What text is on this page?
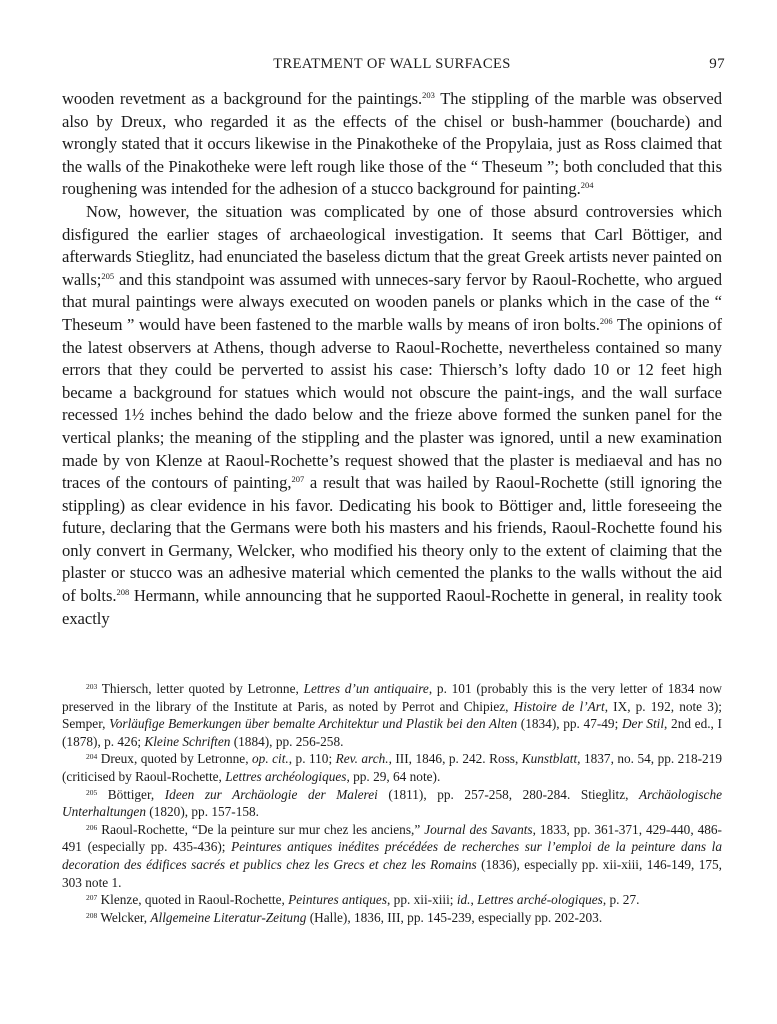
TREATMENT OF WALL SURFACES	97

wooden revetment as a background for the paintings.$^{203}$ The stippling of the marble was observed also by Dreux, who regarded it as the effects of the chisel or bush-hammer (boucharde) and wrongly stated that it occurs likewise in the Pinakotheke of the Propylaia, just as Ross claimed that the walls of the Pinakotheke were left rough like those of the “ Theseum ”; both concluded that this roughening was intended for the adhesion of a stucco background for painting.$^{204}$

Now, however, the situation was complicated by one of those absurd controversies which disfigured the earlier stages of archaeological investigation. It seems that Carl Böttiger, and afterwards Stieglitz, had enunciated the baseless dictum that the great Greek artists never painted on walls;$^{205}$ and this standpoint was assumed with unneces-sary fervor by Raoul-Rochette, who argued that mural paintings were always executed on wooden panels or planks which in the case of the “ Theseum ” would have been fastened to the marble walls by means of iron bolts.$^{206}$ The opinions of the latest observers at Athens, though adverse to Raoul-Rochette, nevertheless contained so many errors that they could be perverted to assist his case: Thiersch’s lofty dado 10 or 12 feet high became a background for statues which would not obscure the paint-ings, and the wall surface recessed 1½ inches behind the dado below and the frieze above formed the sunken panel for the vertical planks; the meaning of the stippling and the plaster was ignored, until a new examination made by von Klenze at Raoul-Rochette’s request showed that the plaster is mediaeval and has no traces of the contours of painting,$^{207}$ a result that was hailed by Raoul-Rochette (still ignoring the stippling) as clear evidence in his favor. Dedicating his book to Böttiger and, little foreseeing the future, declaring that the Germans were both his masters and his friends, Raoul-Rochette found his only convert in Germany, Welcker, who modified his theory only to the extent of claiming that the plaster or stucco was an adhesive material which cemented the planks to the walls without the aid of bolts.$^{208}$ Hermann, while announcing that he supported Raoul-Rochette in general, in reality took exactly

$^{203}$ Thiersch, letter quoted by Letronne, Lettres d’un antiquaire, p. 101 (probably this is the very letter of 1834 now preserved in the library of the Institute at Paris, as noted by Perrot and Chipiez, Histoire de l’Art, IX, p. 192, note 3); Semper, Vorläufige Bemerkungen über bemalte Architektur und Plastik bei den Alten (1834), pp. 47-49; Der Stil, 2nd ed., I (1878), p. 426; Kleine Schriften (1884), pp. 256-258.

$^{204}$ Dreux, quoted by Letronne, op. cit., p. 110; Rev. arch., III, 1846, p. 242. Ross, Kunstblatt, 1837, no. 54, pp. 218-219 (criticised by Raoul-Rochette, Lettres archéologiques, pp. 29, 64 note).

$^{205}$ Böttiger, Ideen zur Archäologie der Malerei (1811), pp. 257-258, 280-284. Stieglitz, Archäologische Unterhaltungen (1820), pp. 157-158.

$^{206}$ Raoul-Rochette, “De la peinture sur mur chez les anciens,” Journal des Savants, 1833, pp. 361-371, 429-440, 486-491 (especially pp. 435-436); Peintures antiques inédites précédées de recherches sur l’emploi de la peinture dans la decoration des édifices sacrés et publics chez les Grecs et chez les Romains (1836), especially pp. xii-xiii, 146-149, 175, 303 note 1.

$^{207}$ Klenze, quoted in Raoul-Rochette, Peintures antiques, pp. xii-xiii; id., Lettres arché-ologiques, p. 27.

$^{208}$ Welcker, Allgemeine Literatur-Zeitung (Halle), 1836, III, pp. 145-239, especially pp. 202-203.
